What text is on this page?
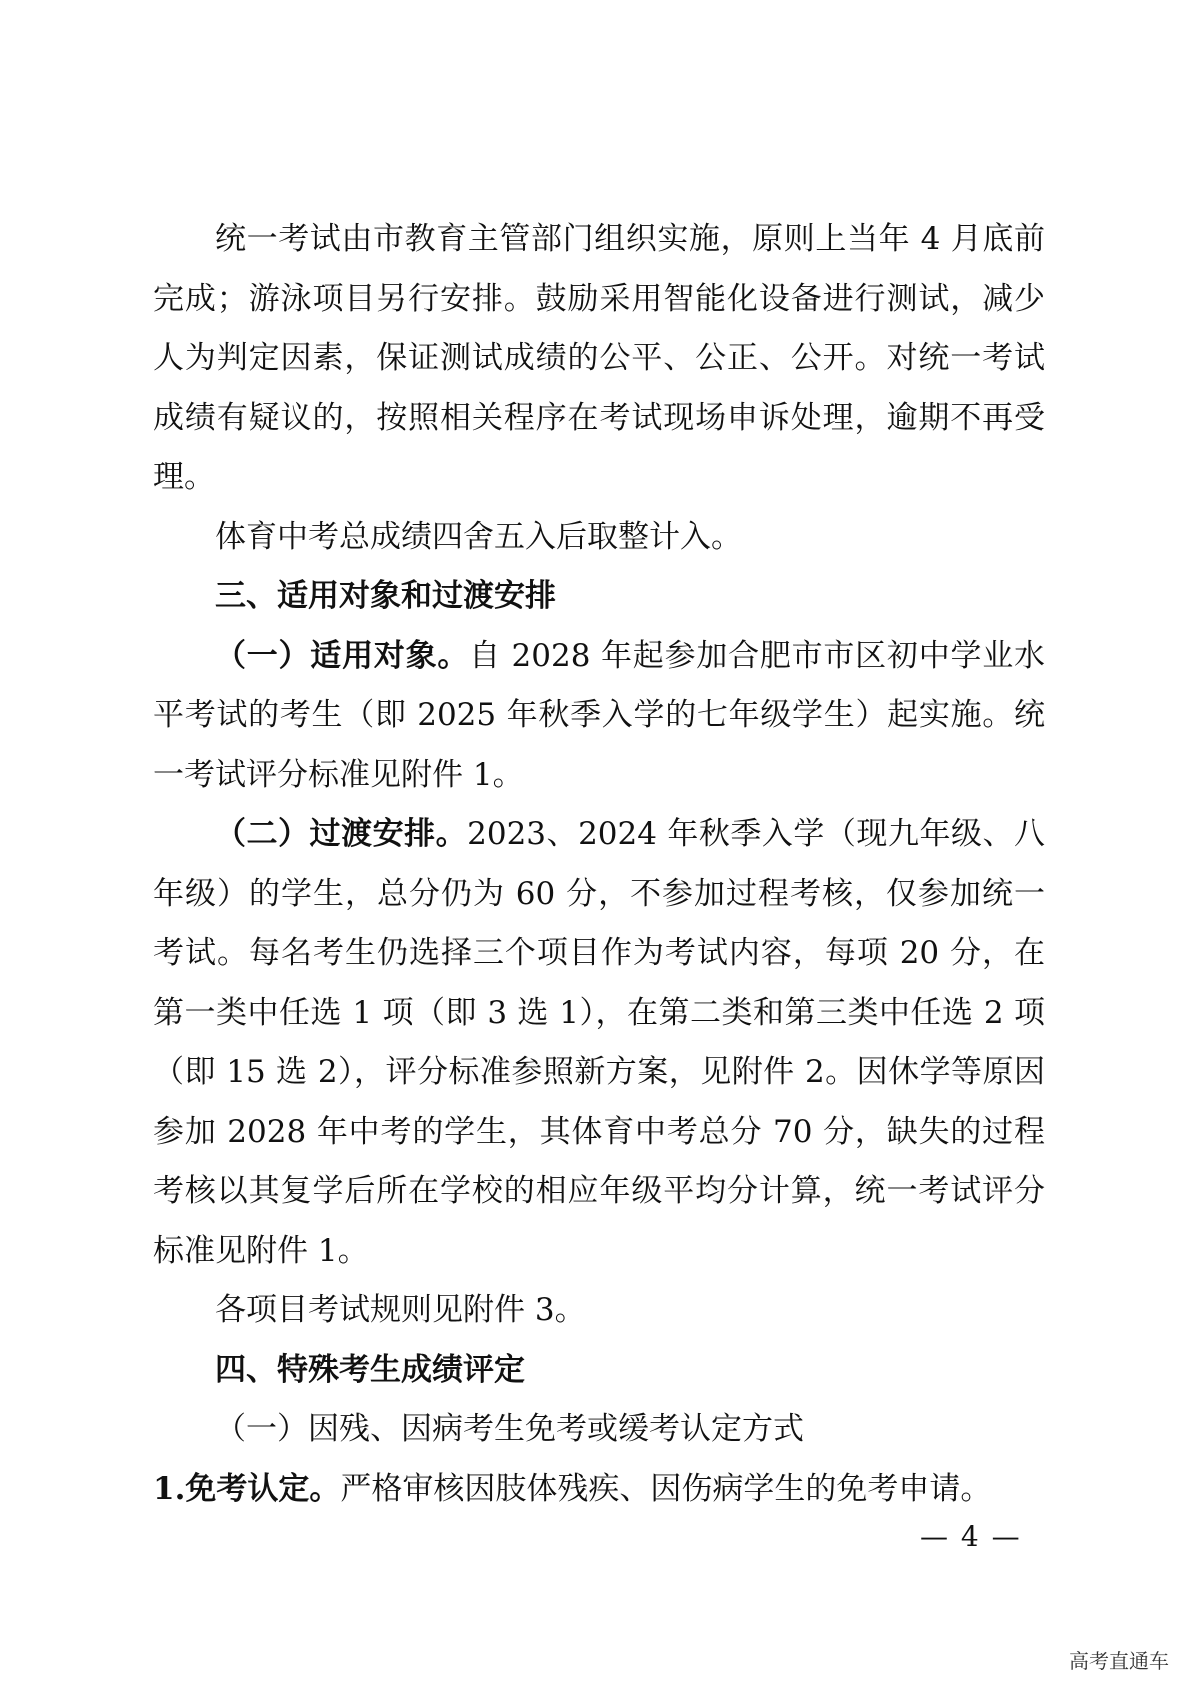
统一考试由市教育主管部门组织实施，原则上当年 4 月底前完成；游泳项目另行安排。鼓励采用智能化设备进行测试，减少人为判定因素，保证测试成绩的公平、公正、公开。对统一考试成绩有疑议的，按照相关程序在考试现场申诉处理，逾期不再受理。

体育中考总成绩四舍五入后取整计入。

三、适用对象和过渡安排

（一）适用对象。自 2028 年起参加合肥市市区初中学业水平考试的考生（即 2025 年秋季入学的七年级学生）起实施。统一考试评分标准见附件 1。

（二）过渡安排。2023、2024 年秋季入学（现九年级、八年级）的学生，总分仍为 60 分，不参加过程考核，仅参加统一考试。每名考生仍选择三个项目作为考试内容，每项 20 分，在第一类中任选 1 项（即 3 选 1），在第二类和第三类中任选 2 项（即 15 选 2），评分标准参照新方案，见附件 2。因休学等原因参加 2028 年中考的学生，其体育中考总分 70 分，缺失的过程考核以其复学后所在学校的相应年级平均分计算，统一考试评分标准见附件 1。

各项目考试规则见附件 3。

四、特殊考生成绩评定

（一）因残、因病考生免考或缓考认定方式

1.免考认定。严格审核因肢体残疾、因伤病学生的免考申请。

— 4 —
高考直通车
